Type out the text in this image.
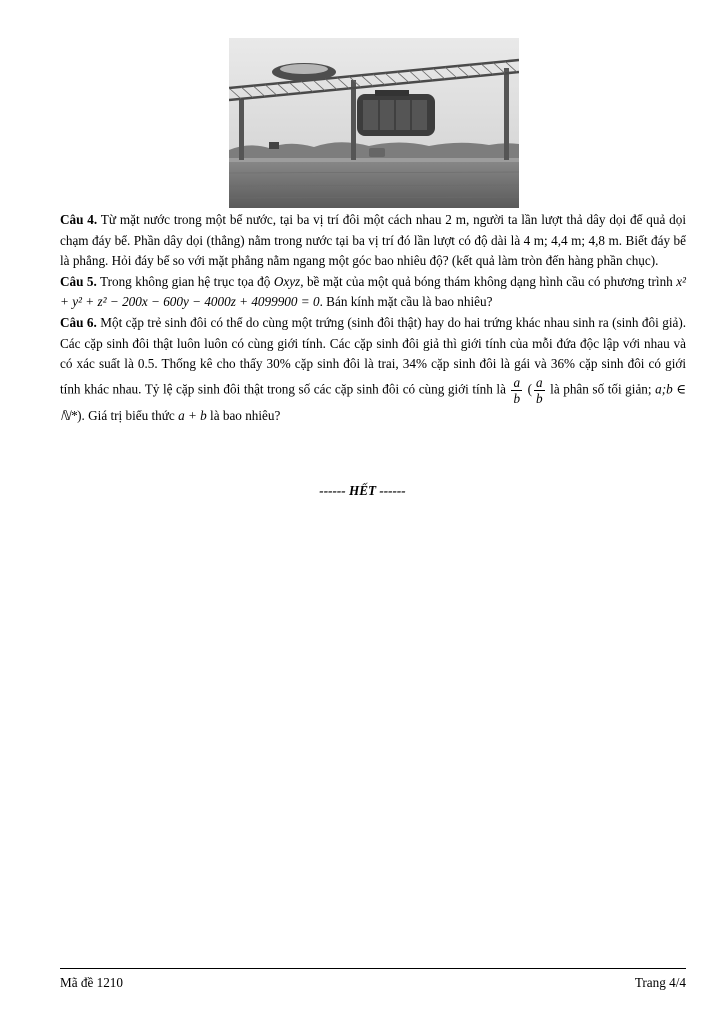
Câu 4. Từ mặt nước trong một bể nước, tại ba vị trí đôi một cách nhau 2 m, người ta lần lượt thả dây dọi để quả dọi chạm đáy bể. Phần dây dọi (thẳng) nằm trong nước tại ba vị trí đó lần lượt có độ dài là 4 m; 4,4 m; 4,8 m. Biết đáy bể là phẳng. Hỏi đáy bể so với mặt phẳng nằm ngang một góc bao nhiêu độ? (kết quả làm tròn đến hàng phần chục).

Câu 5. Trong không gian hệ trục tọa độ Oxyz, bề mặt của một quả bóng thám không dạng hình cầu có phương trình x² + y² + z² − 200x − 600y − 4000z + 4099900 = 0. Bán kính mặt cầu là bao nhiêu?

Câu 6. Một cặp trẻ sinh đôi có thể do cùng một trứng (sinh đôi thật) hay do hai trứng khác nhau sinh ra (sinh đôi giả). Các cặp sinh đôi thật luôn luôn có cùng giới tính. Các cặp sinh đôi giả thì giới tính của mỗi đứa độc lập với nhau và có xác suất là 0.5. Thống kê cho thấy 30% cặp sinh đôi là trai, 34% cặp sinh đôi là gái và 36% cặp sinh đôi có giới tính khác nhau. Tỷ lệ cặp sinh đôi thật trong số các cặp sinh đôi có cùng giới tính là $\frac{a}{b}$ ( $\frac{a}{b}$ là phân số tối giản; a;b ∈ ℕ*). Giá trị biểu thức a + b là bao nhiêu?

------ HẾT ------
Mã đề 1210	Trang 4/4
